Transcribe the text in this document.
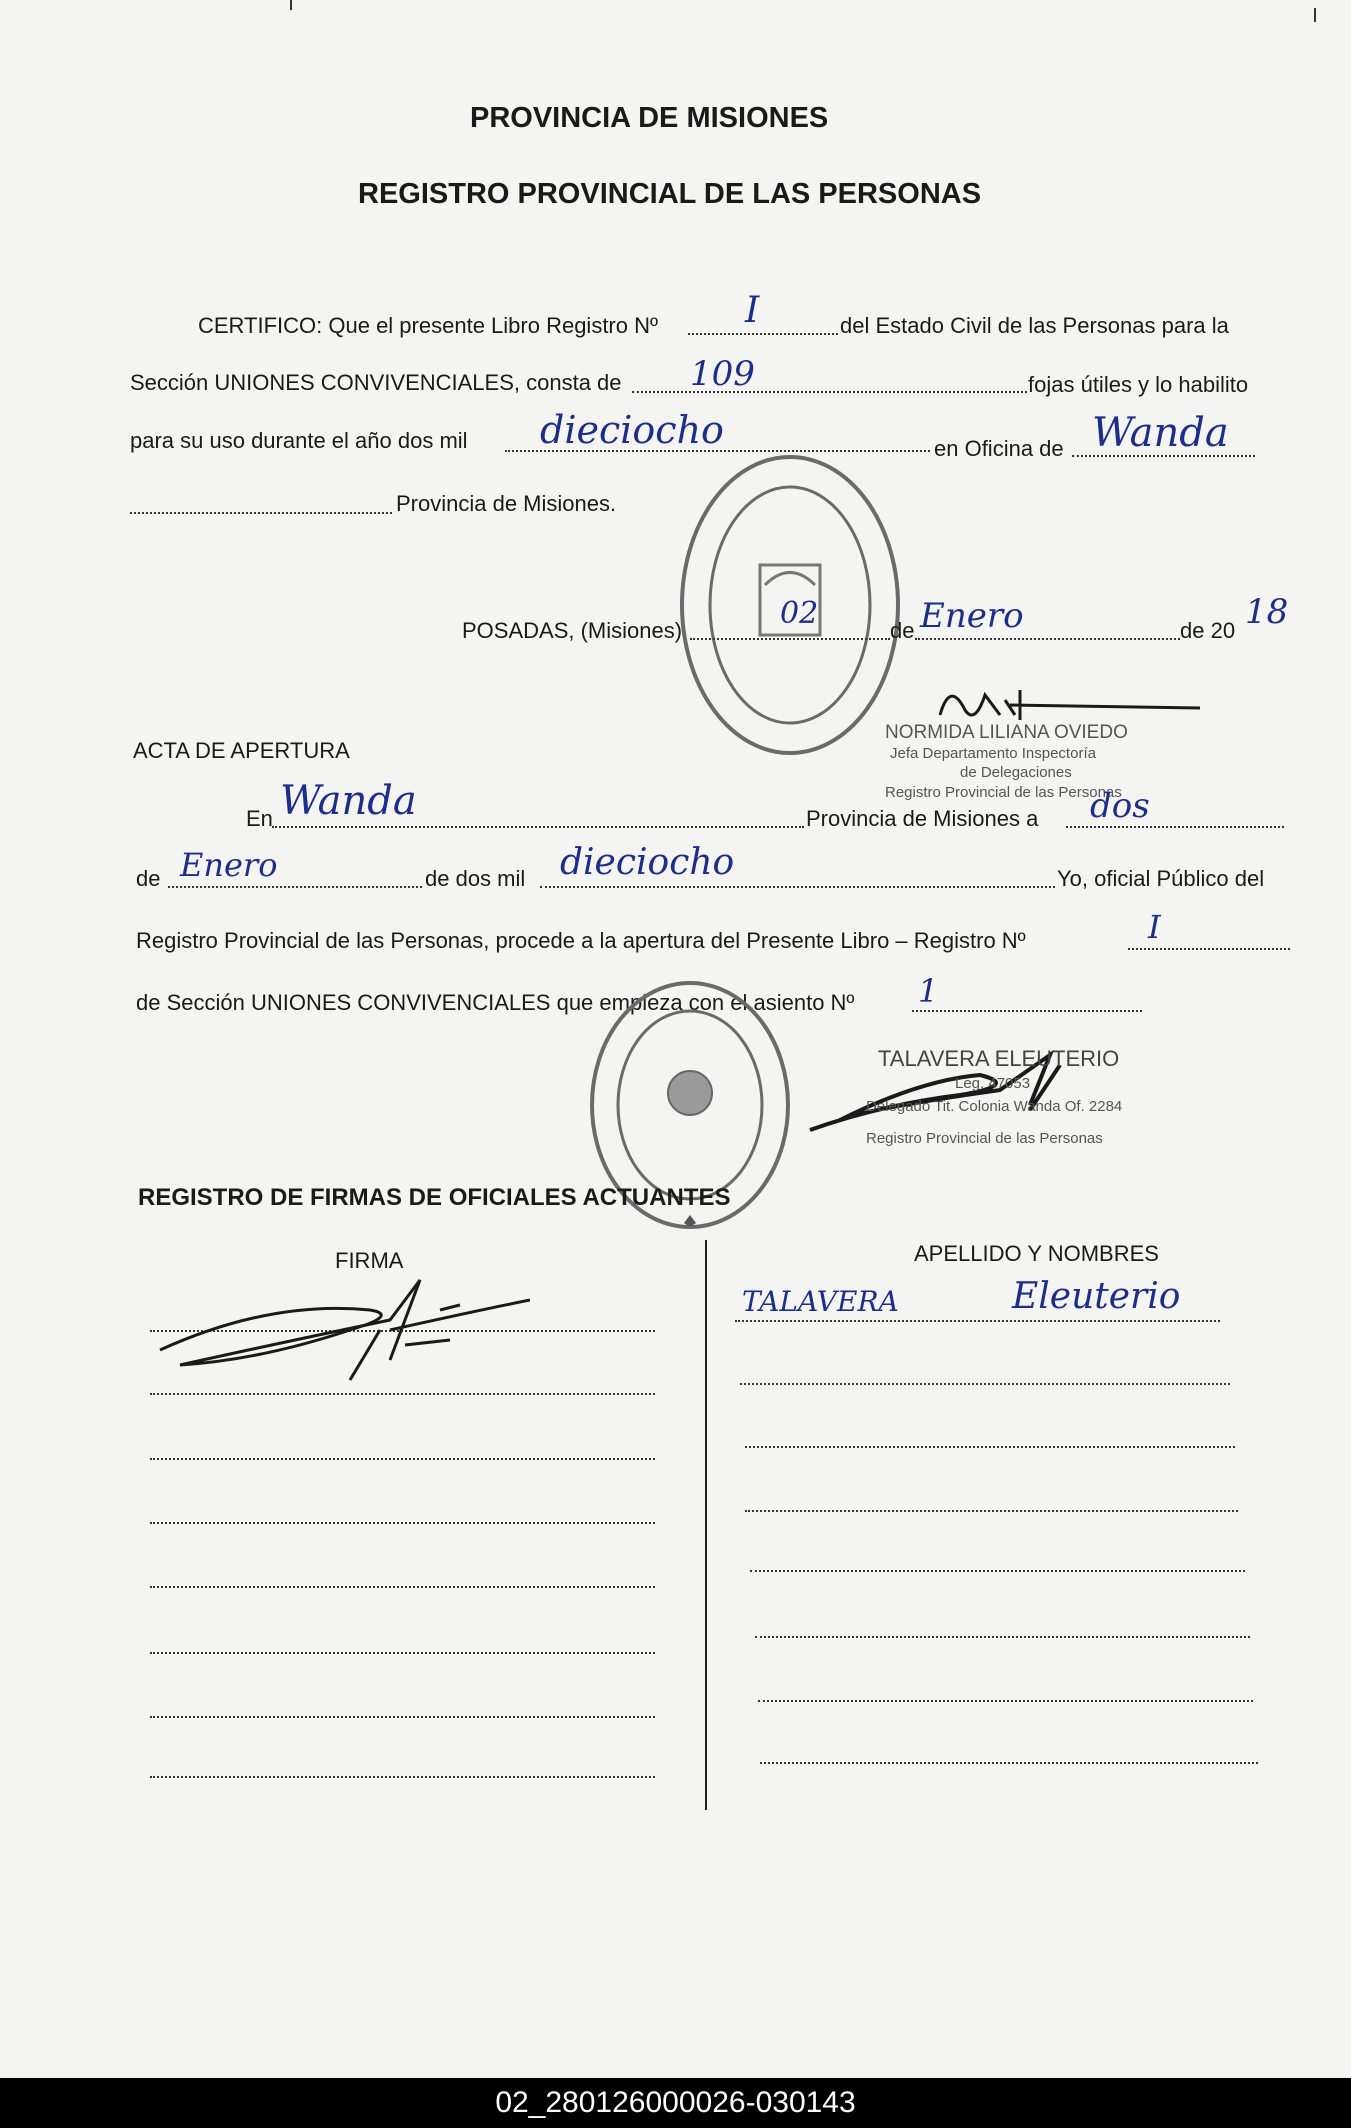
PROVINCIA DE MISIONES
REGISTRO PROVINCIAL DE LAS PERSONAS
CERTIFICO: Que el presente Libro Registro Nº I	del Estado Civil de las Personas para la
Sección UNIONES CONVIVENCIALES, consta de 109	fojas útiles y lo habilito
para su uso durante el año dos mil dieciocho	en Oficina de Wanda
Provincia de Misiones.
POSADAS, (Misiones)	02	de Enero	de 20 18
NORMIDA LILIANA OVIEDO
Jefa Departamento Inspectoría
de Delegaciones
Registro Provincial de las Personas
ACTA DE APERTURA
En Wanda	Provincia de Misiones a dos
de Enero	de dos mil dieciocho	Yo, oficial Público del
Registro Provincial de las Personas, procede a la apertura del Presente Libro – Registro Nº	I
de Sección UNIONES CONVIVENCIALES que empieza con el asiento Nº 1
TALAVERA ELEUTERIO
Leg. 47053
Delegado Tit. Colonia Wanda Of. 2284
Registro Provincial de las Personas
REGISTRO DE FIRMAS DE OFICIALES ACTUANTES
FIRMA	APELLIDO Y NOMBRES
TALAVERA	Eleuterio
02_280126000026-030143
